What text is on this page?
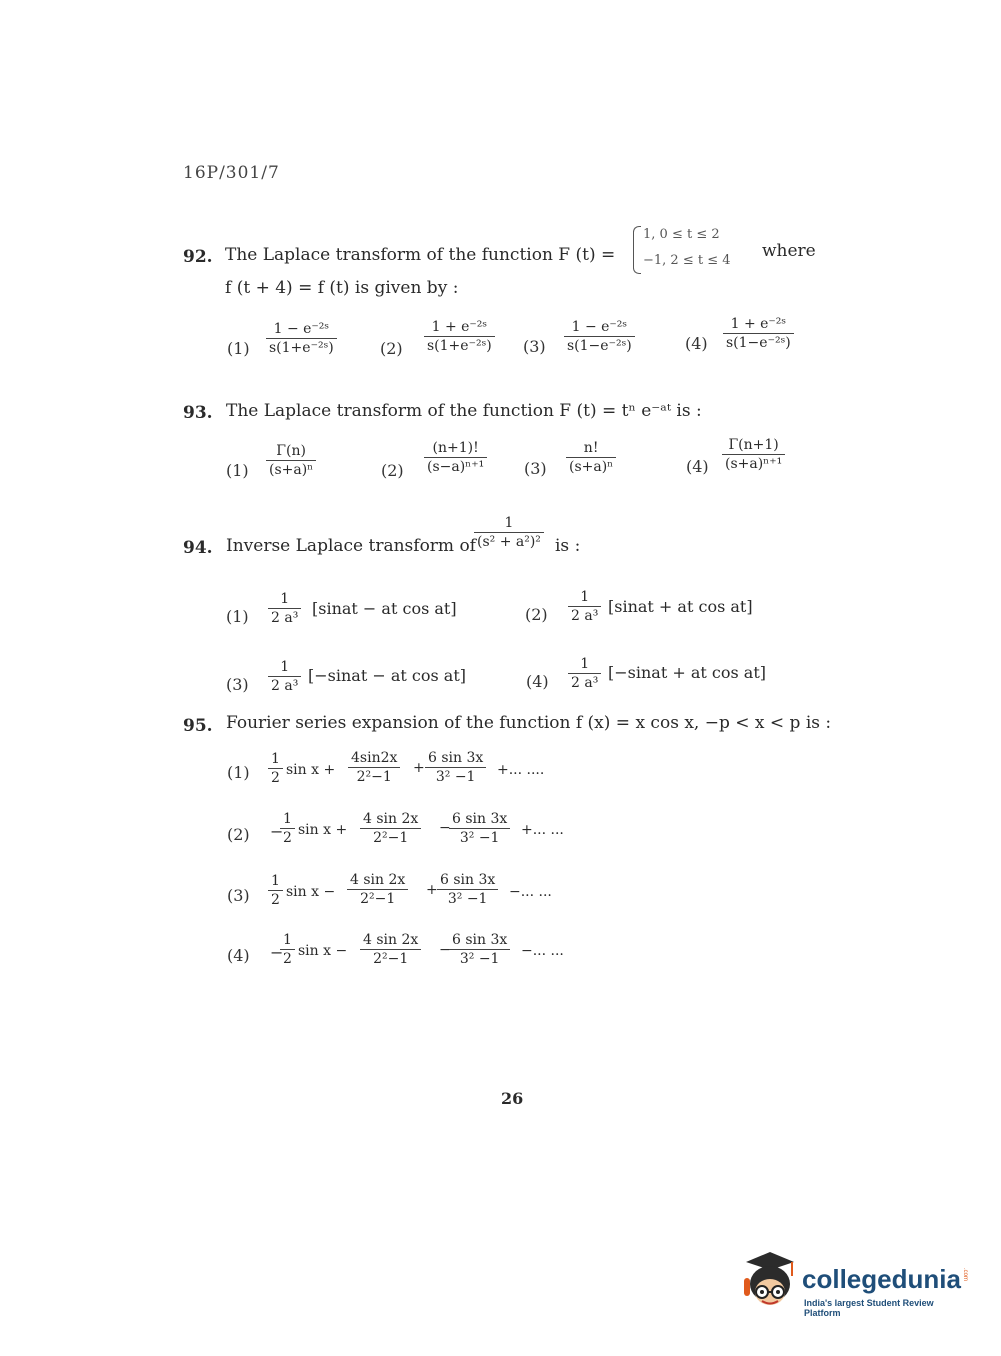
16P/301/7
92. The Laplace transform of the function F (t) =
1, 0 ≤ t ≤ 2
−1, 2 ≤ t ≤ 4 where
f (t + 4) = f (t) is given by :
(1)
1 − e⁻²ˢ
s(1+e⁻²ˢ)	(2)
1 + e⁻²ˢ
s(1+e⁻²ˢ) (3)
1 − e⁻²ˢ
s(1−e⁻²ˢ)	(4)
1 + e⁻²ˢ
s(1−e⁻²ˢ)
93. The Laplace transform of the function F (t) = tⁿ e⁻ᵃᵗ is :
(1)
Γ(n)
(s+a)ⁿ	(2)
(n+1)!
(s−a)ⁿ⁺¹ (3)
n!
(s+a)ⁿ	(4)
Γ(n+1)
(s+a)ⁿ⁺¹
94. Inverse Laplace transform of
1
(s² + a²)² is :
(1)
1
2 a³ [sinat − at cos at]	(2)
1
2 a³ [sinat + at cos at]
(3)
1
2 a³
[−sinat − at cos at]	(4)
1
2 a³
[−sinat + at cos at]
95. Fourier series expansion of the function f (x) = x cos x, −p < x < p is :
(1)
1
2 sin x +
4sin2x
2²−1
+
6 sin 3x
3² −1 +... ....
(2) −
1
2 sin x +
4 sin 2x
2²−1
−
6 sin 3x
3² −1 +... ...
(3)
1
2 sin x −
4 sin 2x
2²−1
+
6 sin 3x
3² −1 −... ...
(4) −
1
2 sin x −
4 sin 2x
2²−1
−
6 sin 3x
3² −1 −... ...
26
collegedunia .com
India's largest Student Review Platform
